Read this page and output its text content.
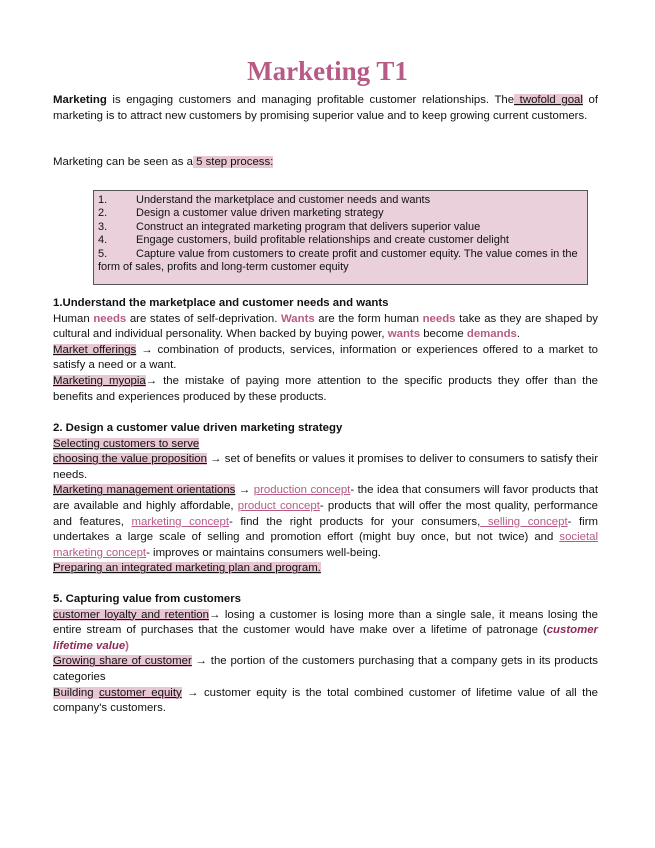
Marketing T1
Marketing is engaging customers and managing profitable customer relationships. The twofold goal of marketing is to attract new customers by promising superior value and to keep growing current customers.
Marketing can be seen as a 5 step process:
1.	Understand the marketplace and customer needs and wants
2.	Design a customer value driven marketing strategy
3.	Construct an integrated marketing program that delivers superior value
4.	Engage customers, build profitable relationships and create customer delight
5.	Capture value from customers to create profit and customer equity. The value comes in the
form of sales, profits and long-term customer equity
1.Understand the marketplace and customer needs and wants
Human needs are states of self-deprivation. Wants are the form human needs take as they are shaped by cultural and individual personality. When backed by buying power, wants become demands.
Market offerings → combination of products, services, information or experiences offered to a market to satisfy a need or a want.
Marketing myopia→ the mistake of paying more attention to the specific products they offer than the benefits and experiences produced by these products.
2. Design a customer value driven marketing strategy
Selecting customers to serve
choosing the value proposition → set of benefits or values it promises to deliver to consumers to satisfy their needs.
Marketing management orientations → production concept- the idea that consumers will favor products that are available and highly affordable, product concept- products that will offer the most quality, performance and features, marketing concept- find the right products for your consumers, selling concept- firm undertakes a large scale of selling and promotion effort (might buy once, but not twice) and societal marketing concept- improves or maintains consumers well-being.
Preparing an integrated marketing plan and program.
5. Capturing value from customers
customer loyalty and retention→ losing a customer is losing more than a single sale, it means losing the entire stream of purchases that the customer would have make over a lifetime of patronage (customer lifetime value)
Growing share of customer → the portion of the customers purchasing that a company gets in its products categories
Building customer equity → customer equity is the total combined customer of lifetime value of all the company's customers.
